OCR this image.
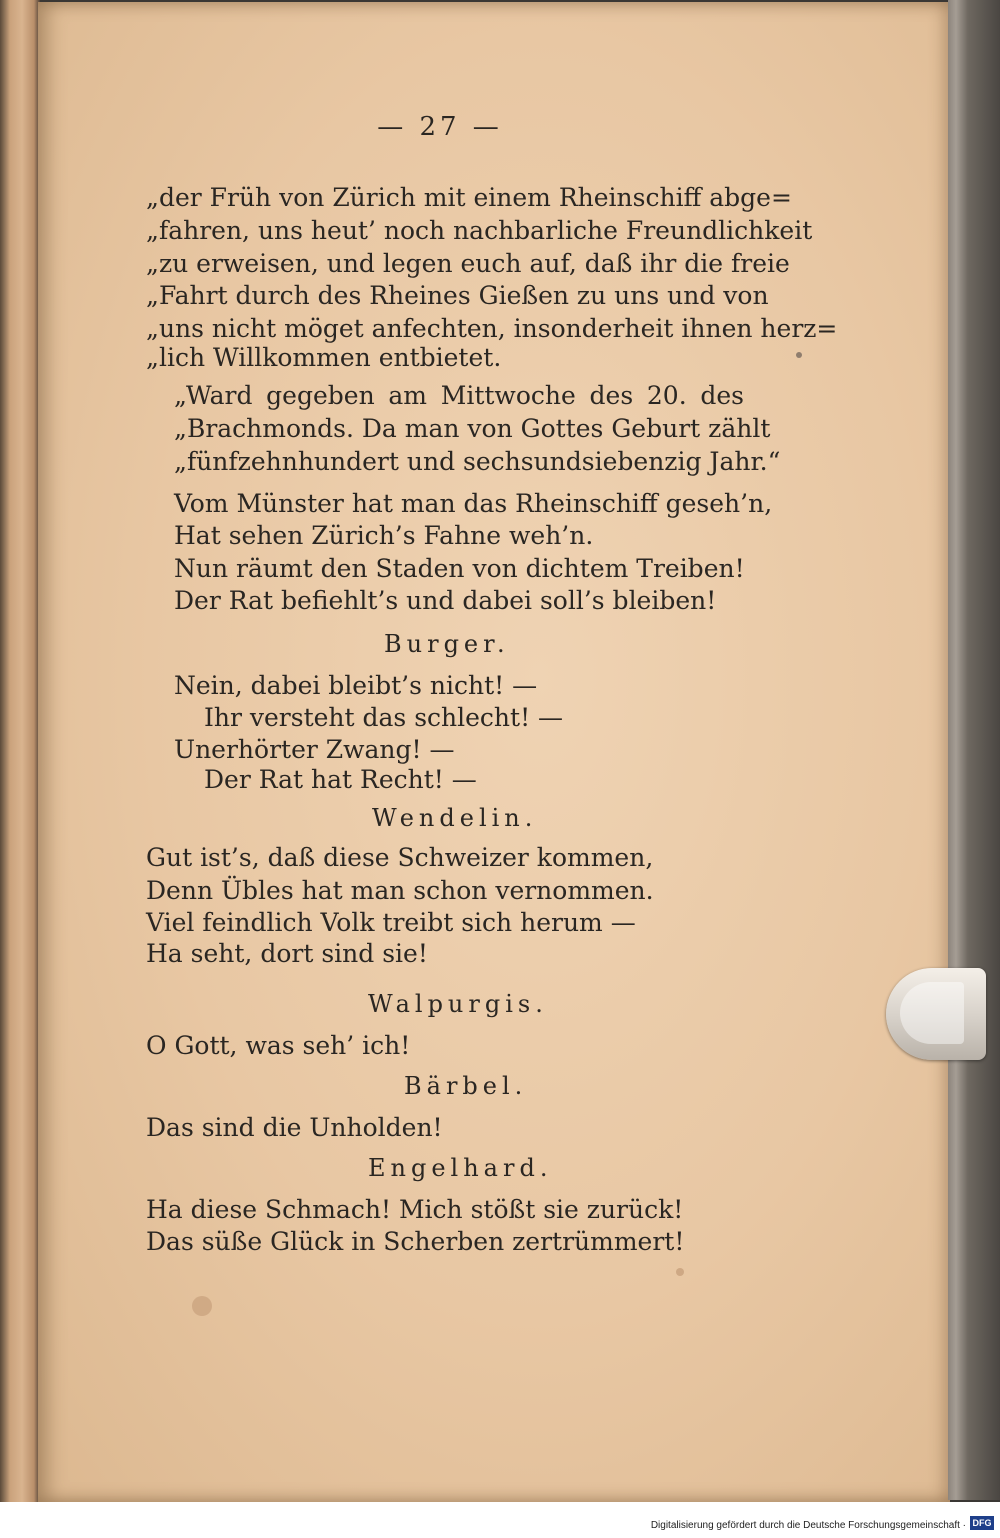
— 27 —
„der Früh von Zürich mit einem Rheinschiff abge=
„fahren, uns heut’ noch nachbarliche Freundlichkeit
„zu erweisen, und legen euch auf, daß ihr die freie
„Fahrt durch des Rheines Gießen zu uns und von
„uns nicht möget anfechten, insonderheit ihnen herz=
„lich Willkommen entbietet.
„Ward gegeben am Mittwoche des 20. des
„Brachmonds. Da man von Gottes Geburt zählt
„fünfzehnhundert und sechsundsiebenzig Jahr.“
Vom Münster hat man das Rheinschiff geseh’n,
Hat sehen Zürich’s Fahne weh’n.
Nun räumt den Staden von dichtem Treiben!
Der Rat befiehlt’s und dabei soll’s bleiben!
Burger.
Nein, dabei bleibt’s nicht! —
Ihr versteht das schlecht! —
Unerhörter Zwang! —
Der Rat hat Recht! —
Wendelin.
Gut ist’s, daß diese Schweizer kommen,
Denn Übles hat man schon vernommen.
Viel feindlich Volk treibt sich herum —
Ha seht, dort sind sie!
Walpurgis.
O Gott, was seh’ ich!
Bärbel.
Das sind die Unholden!
Engelhard.
Ha diese Schmach! Mich stößt sie zurück!
Das süße Glück in Scherben zertrümmert!
Digitalisierung gefördert durch die Deutsche Forschungsgemeinschaft · DFG
